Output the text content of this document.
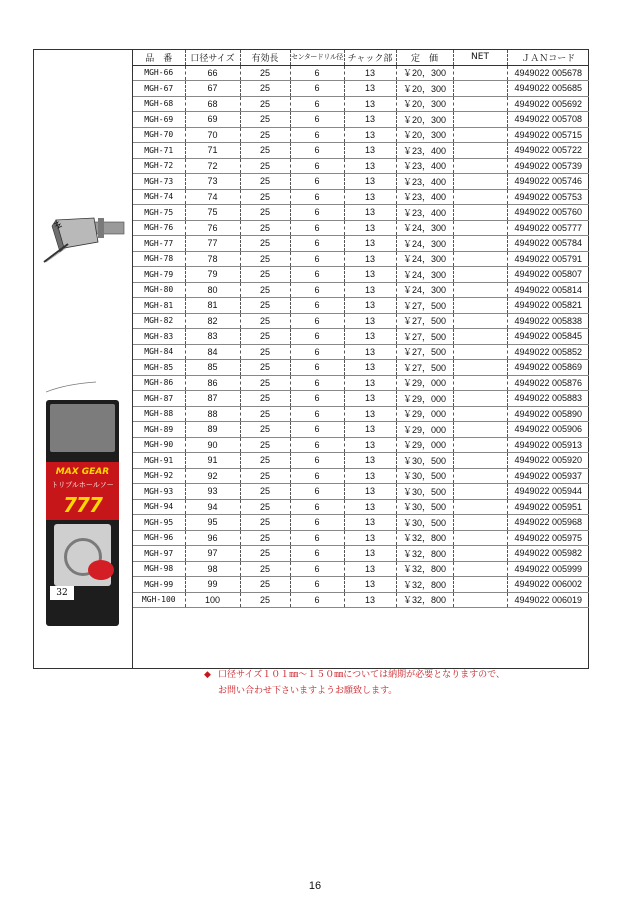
MAX GEAR
トリプルホールソー
777
32
品　番	口径サイズ	有効長	センタードリル径	チャック部	定　価	NET	ＪＡＮコード
MGH-66	66	25	6	13	￥20，300		4949022 005678
MGH-67	67	25	6	13	￥20，300		4949022 005685
MGH-68	68	25	6	13	￥20，300		4949022 005692
MGH-69	69	25	6	13	￥20，300		4949022 005708
MGH-70	70	25	6	13	￥20，300		4949022 005715
MGH-71	71	25	6	13	￥23，400		4949022 005722
MGH-72	72	25	6	13	￥23，400		4949022 005739
MGH-73	73	25	6	13	￥23，400		4949022 005746
MGH-74	74	25	6	13	￥23，400		4949022 005753
MGH-75	75	25	6	13	￥23，400		4949022 005760
MGH-76	76	25	6	13	￥24，300		4949022 005777
MGH-77	77	25	6	13	￥24，300		4949022 005784
MGH-78	78	25	6	13	￥24，300		4949022 005791
MGH-79	79	25	6	13	￥24，300		4949022 005807
MGH-80	80	25	6	13	￥24，300		4949022 005814
MGH-81	81	25	6	13	￥27，500		4949022 005821
MGH-82	82	25	6	13	￥27，500		4949022 005838
MGH-83	83	25	6	13	￥27，500		4949022 005845
MGH-84	84	25	6	13	￥27，500		4949022 005852
MGH-85	85	25	6	13	￥27，500		4949022 005869
MGH-86	86	25	6	13	￥29，000		4949022 005876
MGH-87	87	25	6	13	￥29，000		4949022 005883
MGH-88	88	25	6	13	￥29，000		4949022 005890
MGH-89	89	25	6	13	￥29，000		4949022 005906
MGH-90	90	25	6	13	￥29，000		4949022 005913
MGH-91	91	25	6	13	￥30，500		4949022 005920
MGH-92	92	25	6	13	￥30，500		4949022 005937
MGH-93	93	25	6	13	￥30，500		4949022 005944
MGH-94	94	25	6	13	￥30，500		4949022 005951
MGH-95	95	25	6	13	￥30，500		4949022 005968
MGH-96	96	25	6	13	￥32，800		4949022 005975
MGH-97	97	25	6	13	￥32，800		4949022 005982
MGH-98	98	25	6	13	￥32，800		4949022 005999
MGH-99	99	25	6	13	￥32，800		4949022 006002
MGH-100	100	25	6	13	￥32，800		4949022 006019
◆ 口径サイズ１０１㎜～１５０㎜については納期が必要となりますので、
お問い合わせ下さいますようお願致します。
16
